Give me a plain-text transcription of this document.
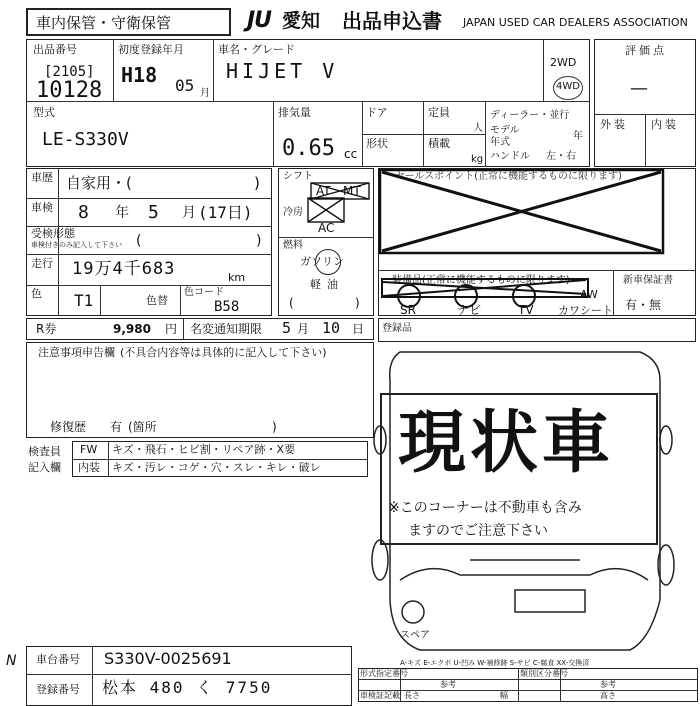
車内保管・守衛保管	JU 愛知 出品申込書 JAPAN USED CAR DEALERS ASSOCIATION
出品番号
[2105]
10128
初度登録年月
H18 05 月
車名・グレード
HIJET V	2WD
4WD
型式
LE-S330V
排気量
0.65 cc
ドア
形状
定員
人
積載
kg
ディーラー・並行
モデル
年式
年
ハンドル 左・右
評価点
—
外装 内装
車歴 自家用・(	)
車検 8 年 5 月 (17日)
受検形態
車検付きのみ記入して下さい (	)
走行 19万4千683	km
色 T1	色替
色コード
B58
シフト
AT MT
冷房
AC
燃料
ガソリン
軽油
(	)
セールスポイント(正常に機能するものに限ります)
装備品(正常に機能するものに限ります)
SR	ナビ	TV カワシート
AW
新車保証書
有・無
R券	9,980 円 名変通知期限 5 月 10 日 登録品
注意事項申告欄 (不具合内容等は具体的に記入して下さい)
修復歴 有 (箇所	)
検査員
記入欄
FW キズ・飛石・ヒビ割・リペア跡・X要
内装 キズ・汚レ・コゲ・穴・スレ・キレ・破レ 現状車
※このコーナーは不動車も含み
ますのでご注意下さい
スペア
A-キズ E-エクボ U-凹み W-補修跡 S-サビ C-腐食 XX-交換済
N 車台番号 S330V-0025691
登録番号 松本 480 く 7750
形式指定番号	類別区分番号
参考	参考
車検証記載 長さ	幅	高さ
